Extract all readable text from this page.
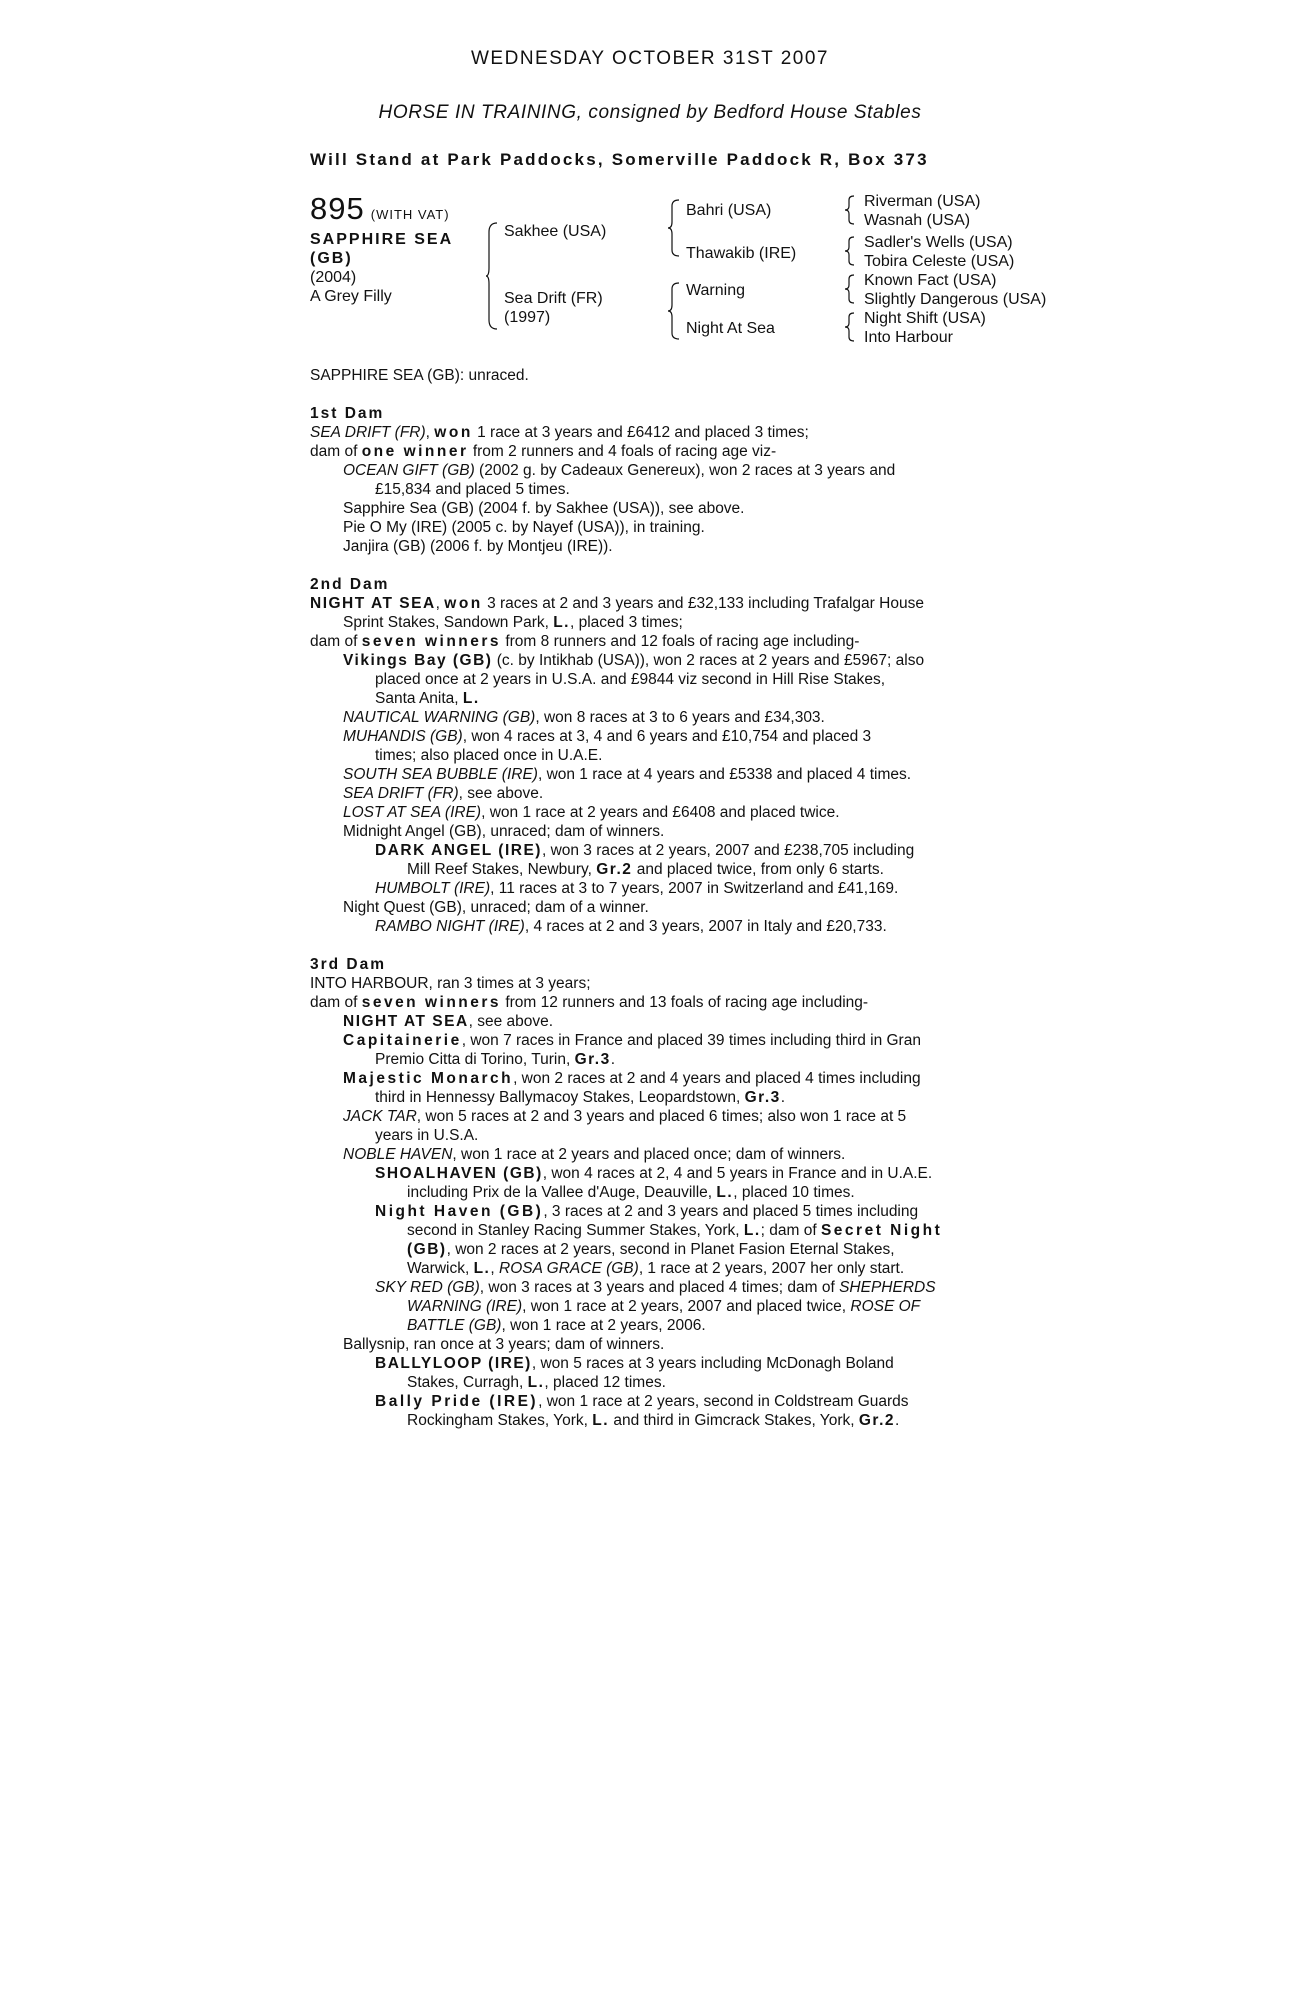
WEDNESDAY OCTOBER 31ST 2007
HORSE IN TRAINING, consigned by Bedford House Stables
Will Stand at Park Paddocks, Somerville Paddock R, Box 373
895 (WITH VAT)
SAPPHIRE SEA
(GB)
(2004)
A Grey Filly
Sakhee (USA)
Sea Drift (FR)
(1997)
Bahri (USA)
Thawakib (IRE)
Warning
Night At Sea
Riverman (USA)
Wasnah (USA)
Sadler's Wells (USA)
Tobira Celeste (USA)
Known Fact (USA)
Slightly Dangerous (USA)
Night Shift (USA)
Into Harbour
SAPPHIRE SEA (GB): unraced.
1st Dam
SEA DRIFT (FR), won 1 race at 3 years and £6412 and placed 3 times;
dam of one winner from 2 runners and 4 foals of racing age viz-
OCEAN GIFT (GB) (2002 g. by Cadeaux Genereux), won 2 races at 3 years and
£15,834 and placed 5 times.
Sapphire Sea (GB) (2004 f. by Sakhee (USA)), see above.
Pie O My (IRE) (2005 c. by Nayef (USA)), in training.
Janjira (GB) (2006 f. by Montjeu (IRE)).
2nd Dam
NIGHT AT SEA, won 3 races at 2 and 3 years and £32,133 including Trafalgar House
Sprint Stakes, Sandown Park, L., placed 3 times;
dam of seven winners from 8 runners and 12 foals of racing age including-
Vikings Bay (GB) (c. by Intikhab (USA)), won 2 races at 2 years and £5967; also
placed once at 2 years in U.S.A. and £9844 viz second in Hill Rise Stakes,
Santa Anita, L.
NAUTICAL WARNING (GB), won 8 races at 3 to 6 years and £34,303.
MUHANDIS (GB), won 4 races at 3, 4 and 6 years and £10,754 and placed 3
times; also placed once in U.A.E.
SOUTH SEA BUBBLE (IRE), won 1 race at 4 years and £5338 and placed 4 times.
SEA DRIFT (FR), see above.
LOST AT SEA (IRE), won 1 race at 2 years and £6408 and placed twice.
Midnight Angel (GB), unraced; dam of winners.
DARK ANGEL (IRE), won 3 races at 2 years, 2007 and £238,705 including
Mill Reef Stakes, Newbury, Gr.2 and placed twice, from only 6 starts.
HUMBOLT (IRE), 11 races at 3 to 7 years, 2007 in Switzerland and £41,169.
Night Quest (GB), unraced; dam of a winner.
RAMBO NIGHT (IRE), 4 races at 2 and 3 years, 2007 in Italy and £20,733.
3rd Dam
INTO HARBOUR, ran 3 times at 3 years;
dam of seven winners from 12 runners and 13 foals of racing age including-
NIGHT AT SEA, see above.
Capitainerie, won 7 races in France and placed 39 times including third in Gran
Premio Citta di Torino, Turin, Gr.3.
Majestic Monarch, won 2 races at 2 and 4 years and placed 4 times including
third in Hennessy Ballymacoy Stakes, Leopardstown, Gr.3.
JACK TAR, won 5 races at 2 and 3 years and placed 6 times; also won 1 race at 5
years in U.S.A.
NOBLE HAVEN, won 1 race at 2 years and placed once; dam of winners.
SHOALHAVEN (GB), won 4 races at 2, 4 and 5 years in France and in U.A.E.
including Prix de la Vallee d'Auge, Deauville, L., placed 10 times.
Night Haven (GB), 3 races at 2 and 3 years and placed 5 times including
second in Stanley Racing Summer Stakes, York, L.; dam of Secret Night
(GB), won 2 races at 2 years, second in Planet Fasion Eternal Stakes,
Warwick, L., ROSA GRACE (GB), 1 race at 2 years, 2007 her only start.
SKY RED (GB), won 3 races at 3 years and placed 4 times; dam of SHEPHERDS
WARNING (IRE), won 1 race at 2 years, 2007 and placed twice, ROSE OF
BATTLE (GB), won 1 race at 2 years, 2006.
Ballysnip, ran once at 3 years; dam of winners.
BALLYLOOP (IRE), won 5 races at 3 years including McDonagh Boland
Stakes, Curragh, L., placed 12 times.
Bally Pride (IRE), won 1 race at 2 years, second in Coldstream Guards
Rockingham Stakes, York, L. and third in Gimcrack Stakes, York, Gr.2.
